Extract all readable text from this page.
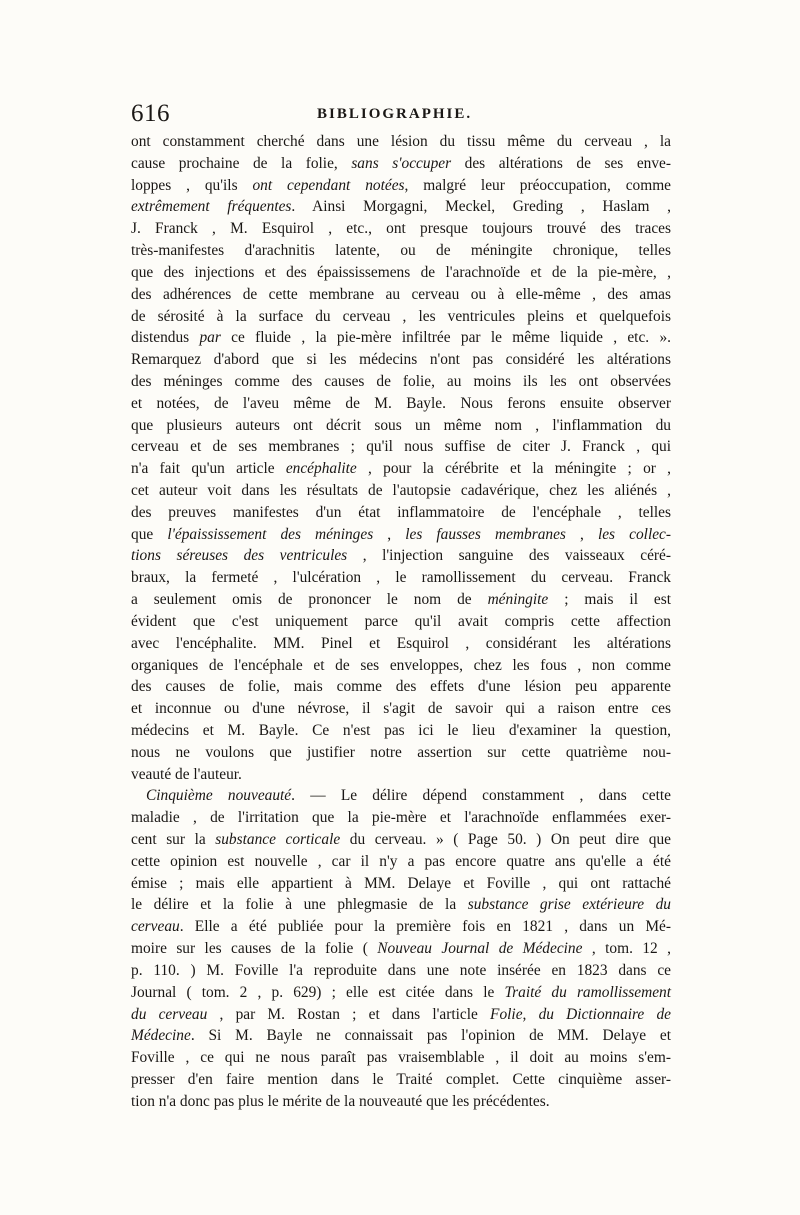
616	BIBLIOGRAPHIE.
ont constamment cherché dans une lésion du tissu même du cerveau , la
cause prochaine de la folie, sans s'occuper des altérations de ses enve-
loppes , qu'ils ont cependant notées, malgré leur préoccupation, comme
extrêmement fréquentes. Ainsi Morgagni, Meckel, Greding , Haslam ,
J. Franck , M. Esquirol , etc., ont presque toujours trouvé des traces
très-manifestes d'arachnitis latente, ou de méningite chronique, telles
que des injections et des épaississemens de l'arachnoïde et de la pie-mère, ,
des adhérences de cette membrane au cerveau ou à elle-même , des amas
de sérosité à la surface du cerveau , les ventricules pleins et quelquefois
distendus par ce fluide , la pie-mère infiltrée par le même liquide , etc. ».
Remarquez d'abord que si les médecins n'ont pas considéré les altérations
des méninges comme des causes de folie, au moins ils les ont observées
et notées, de l'aveu même de M. Bayle. Nous ferons ensuite observer
que plusieurs auteurs ont décrit sous un même nom , l'inflammation du
cerveau et de ses membranes ; qu'il nous suffise de citer J. Franck , qui
n'a fait qu'un article encéphalite , pour la cérébrite et la méningite ; or ,
cet auteur voit dans les résultats de l'autopsie cadavérique, chez les aliénés ,
des preuves manifestes d'un état inflammatoire de l'encéphale , telles
que l'épaississement des méninges , les fausses membranes , les collec-
tions séreuses des ventricules , l'injection sanguine des vaisseaux céré-
braux, la fermeté , l'ulcération , le ramollissement du cerveau. Franck
a seulement omis de prononcer le nom de méningite ; mais il est
évident que c'est uniquement parce qu'il avait compris cette affection
avec l'encéphalite. MM. Pinel et Esquirol , considérant les altérations
organiques de l'encéphale et de ses enveloppes, chez les fous , non comme
des causes de folie, mais comme des effets d'une lésion peu apparente
et inconnue ou d'une névrose, il s'agit de savoir qui a raison entre ces
médecins et M. Bayle. Ce n'est pas ici le lieu d'examiner la question,
nous ne voulons que justifier notre assertion sur cette quatrième nou-
veauté de l'auteur.
Cinquième nouveauté. — Le délire dépend constamment , dans cette
maladie , de l'irritation que la pie-mère et l'arachnoïde enflammées exer-
cent sur la substance corticale du cerveau. » ( Page 50. ) On peut dire que
cette opinion est nouvelle , car il n'y a pas encore quatre ans qu'elle a été
émise ; mais elle appartient à MM. Delaye et Foville , qui ont rattaché
le délire et la folie à une phlegmasie de la substance grise extérieure du
cerveau. Elle a été publiée pour la première fois en 1821 , dans un Mé-
moire sur les causes de la folie ( Nouveau Journal de Médecine , tom. 12 ,
p. 110. ) M. Foville l'a reproduite dans une note insérée en 1823 dans ce
Journal ( tom. 2 , p. 629) ; elle est citée dans le Traité du ramollissement
du cerveau , par M. Rostan ; et dans l'article Folie, du Dictionnaire de
Médecine. Si M. Bayle ne connaissait pas l'opinion de MM. Delaye et
Foville , ce qui ne nous paraît pas vraisemblable , il doit au moins s'em-
presser d'en faire mention dans le Traité complet. Cette cinquième asser-
tion n'a donc pas plus le mérite de la nouveauté que les précédentes.
